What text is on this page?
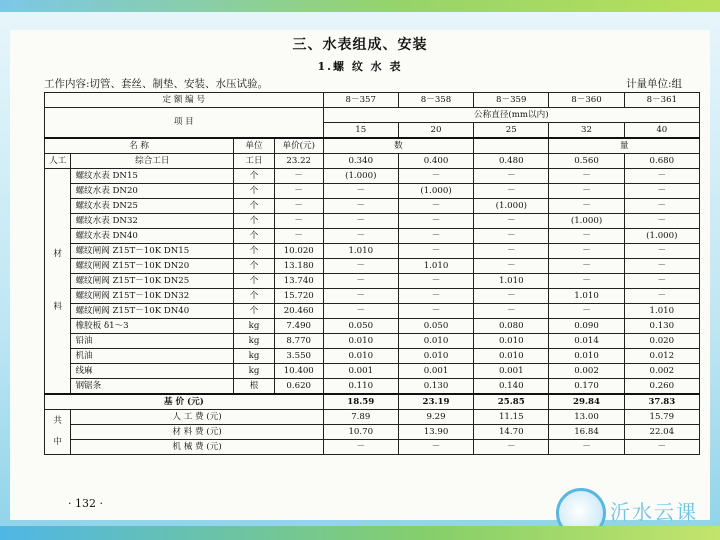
三、水表组成、安装
1.螺 纹 水 表
工作内容:切管、套丝、制垫、安装、水压试验。	计量单位:组
定 额 编 号				8－357	8－358	8－359	8－360	8－361
项 目				公称直径(mm以内)				
				15	20	25	32	40
名 称		单位	单价(元)	数			量	
人工	综合工日	工日	23.22	0.340	0.400	0.480	0.560	0.680

材
料	螺纹水表 DN15	个	－	(1.000)	－	－	－	－
	螺纹水表 DN20	个	－	－	(1.000)	－	－	－
	螺纹水表 DN25	个	－	－	－	(1.000)	－	－
	螺纹水表 DN32	个	－	－	－	－	(1.000)	－
	螺纹水表 DN40	个	－	－	－	－	－	(1.000)
	螺纹闸阀 Z15T－10K DN15	个	10.020	1.010	－	－	－	－
	螺纹闸阀 Z15T－10K DN20	个	13.180	－	1.010	－	－	－
	螺纹闸阀 Z15T－10K DN25	个	13.740	－	－	1.010	－	－
	螺纹闸阀 Z15T－10K DN32	个	15.720	－	－	－	1.010	－
	螺纹闸阀 Z15T－10K DN40	个	20.460	－	－	－	－	1.010
	橡胶板 δ1～3	kg	7.490	0.050	0.050	0.080	0.090	0.130
	铅油	kg	8.770	0.010	0.010	0.010	0.014	0.020
	机油	kg	3.550	0.010	0.010	0.010	0.010	0.012
	线麻	kg	10.400	0.001	0.001	0.001	0.002	0.002
	钢锯条	根	0.620	0.110	0.130	0.140	0.170	0.260
基 价 (元)				18.59	23.19	25.85	29.84	37.83

共
中	人 工 费 (元)			7.89	9.29	11.15	13.00	15.79
	材 料 费 (元)			10.70	13.90	14.70	16.84	22.04
	机 械 费 (元)			－	－	－	－	－
· 132 ·	沂水云课
